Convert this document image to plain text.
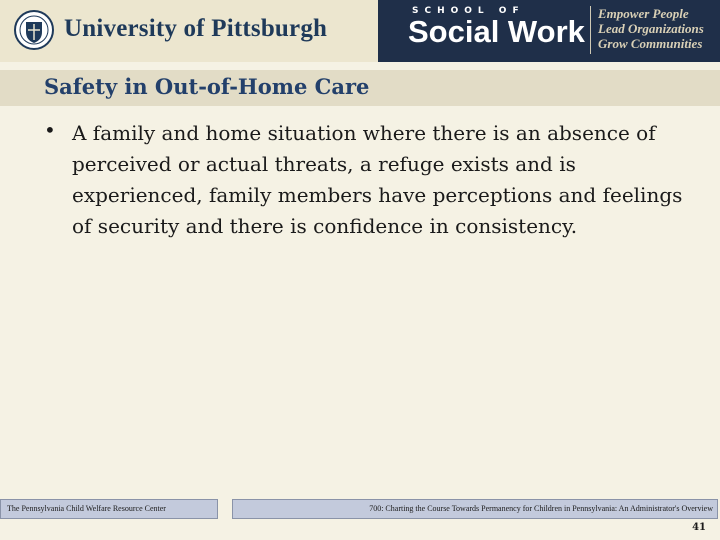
University of Pittsburgh
SCHOOL OF
Social Work
Empower People
Lead Organizations
Grow Communities
Safety in Out-of-Home Care
• A family and home situation where there is an absence of perceived or actual threats, a refuge exists and is experienced, family members have perceptions and feelings of security and there is confidence in consistency.
The Pennsylvania Child Welfare Resource Center	700: Charting the Course Towards Permanency for Children in Pennsylvania: An Administrator's Overview
41
